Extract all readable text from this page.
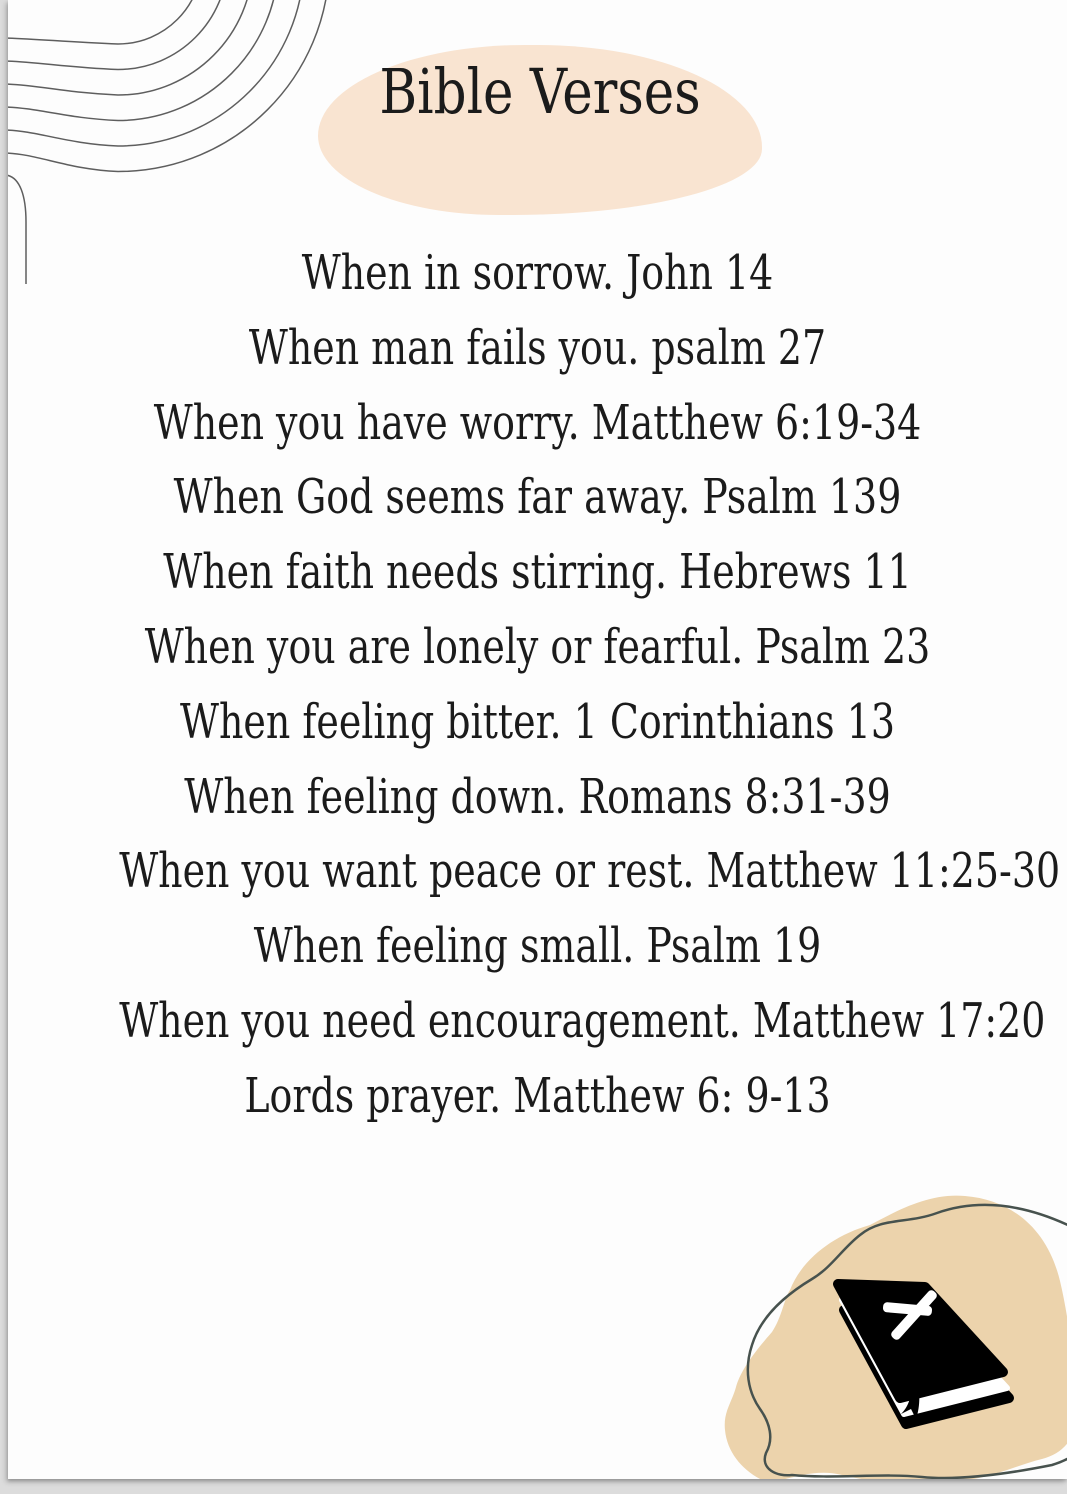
Bible Verses
When in sorrow. John 14
When man fails you. psalm 27
When you have worry. Matthew 6:19-34
When God seems far away. Psalm 139
When faith needs stirring. Hebrews 11
When you are lonely or fearful. Psalm 23
When feeling bitter. 1 Corinthians 13
When feeling down. Romans 8:31-39
When you want peace or rest. Matthew 11:25-30
When feeling small. Psalm 19
When you need encouragement. Matthew 17:20
Lords prayer. Matthew 6: 9-13
